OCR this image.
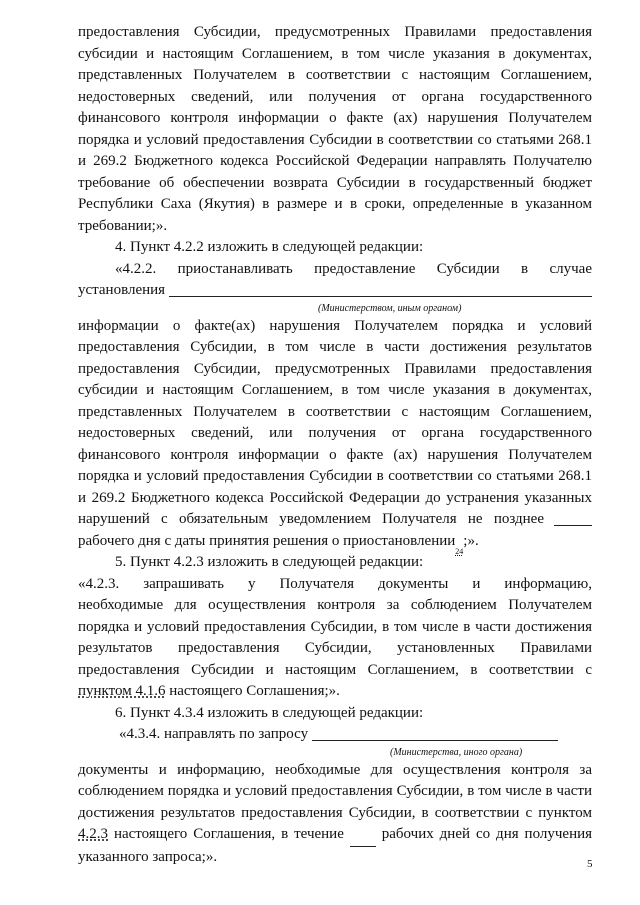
предоставления Субсидии, предусмотренных Правилами предоставления
субсидии и настоящим Соглашением, в том числе указания в документах,
представленных Получателем в соответствии с настоящим Соглашением,
недостоверных сведений, или получения от органа государственного
финансового контроля информации о факте (ах) нарушения Получателем
порядка и условий предоставления Субсидии в соответствии со статьями 268.1
и 269.2 Бюджетного кодекса Российской Федерации направлять Получателю
требование об обеспечении возврата Субсидии в государственный бюджет
Республики Саха (Якутия) в размере и в сроки, определенные в указанном
требовании;».
4. Пункт 4.2.2 изложить в следующей редакции:
«4.2.2. приостанавливать предоставление Субсидии в случае
установления
(Министерством, иным органом)
информации о факте(ах) нарушения Получателем порядка и условий
предоставления Субсидии, в том числе в части достижения результатов
предоставления Субсидии, предусмотренных Правилами предоставления
субсидии и настоящим Соглашением, в том числе указания в документах,
представленных Получателем в соответствии с настоящим Соглашением,
недостоверных сведений, или получения от органа государственного
финансового контроля информации о факте (ах) нарушения Получателем
порядка и условий предоставления Субсидии в соответствии со статьями 268.1
и 269.2 Бюджетного кодекса Российской Федерации до устранения указанных
нарушений с обязательным уведомлением Получателя не позднее
рабочего дня с даты принятия решения о приостановлении
24
;».
5. Пункт 4.2.3 изложить в следующей редакции:
«4.2.3. запрашивать у Получателя документы и информацию,
необходимые для осуществления контроля за соблюдением Получателем
порядка и условий предоставления Субсидии, в том числе в части достижения
результатов предоставления Субсидии, установленных Правилами
предоставления Субсидии и настоящим Соглашением, в соответствии с
пунктом 4.1.6 настоящего Соглашения;».
6. Пункт 4.3.4 изложить в следующей редакции:
«4.3.4. направлять по запросу
(Министерства, иного органа)
документы и информацию, необходимые для осуществления контроля за
соблюдением порядка и условий предоставления Субсидии, в том числе в части
достижения результатов предоставления Субсидии, в соответствии с пунктом
4.2.3 настоящего Соглашения, в течение	рабочих дней со дня получения
указанного запроса;».	5
